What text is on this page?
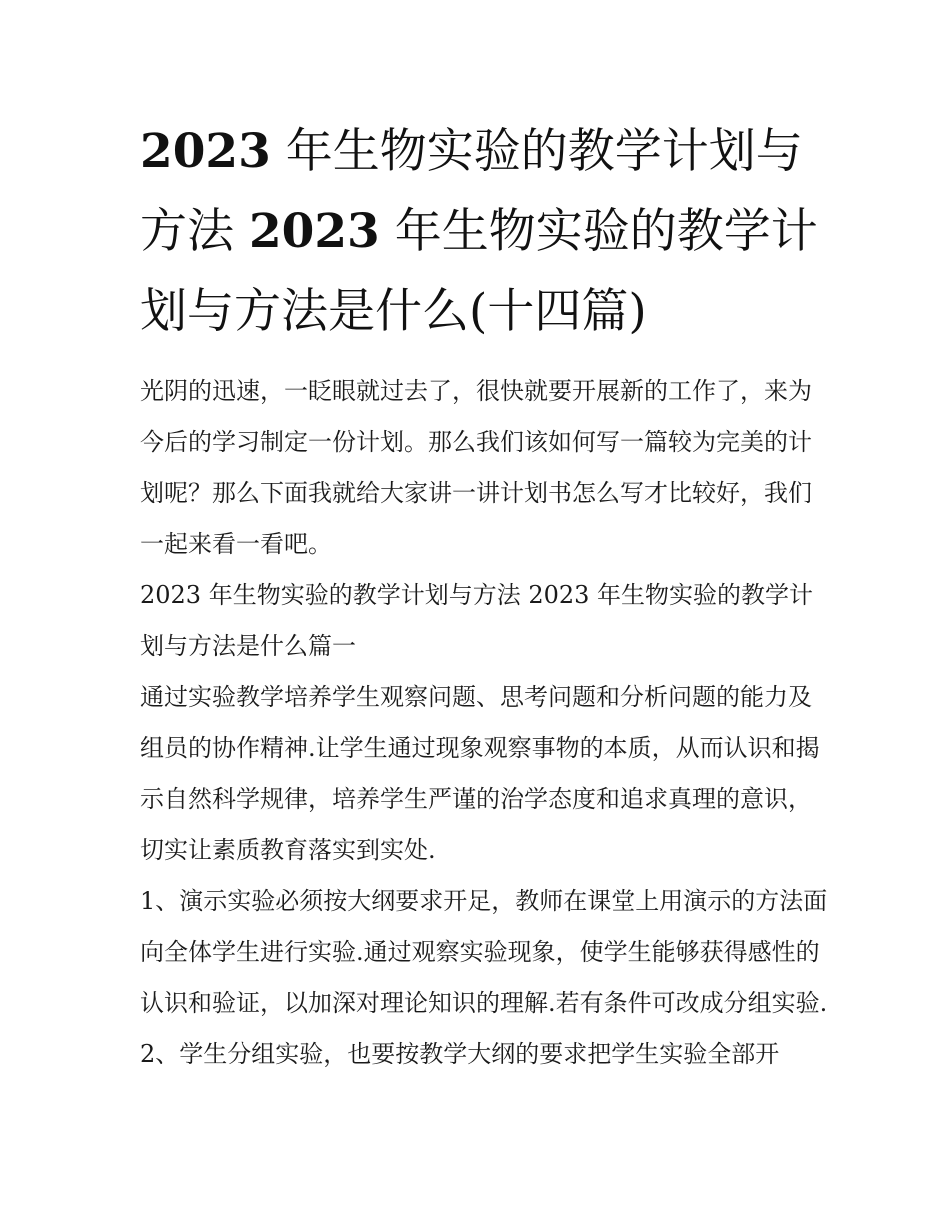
2023 年生物实验的教学计划与方法 2023 年生物实验的教学计划与方法是什么(十四篇)

光阴的迅速，一眨眼就过去了，很快就要开展新的工作了，来为今后的学习制定一份计划。那么我们该如何写一篇较为完美的计划呢？那么下面我就给大家讲一讲计划书怎么写才比较好，我们一起来看一看吧。

2023 年生物实验的教学计划与方法 2023 年生物实验的教学计划与方法是什么篇一

通过实验教学培养学生观察问题、思考问题和分析问题的能力及组员的协作精神.让学生通过现象观察事物的本质，从而认识和揭示自然科学规律，培养学生严谨的治学态度和追求真理的意识，切实让素质教育落实到实处.

1、演示实验必须按大纲要求开足，教师在课堂上用演示的方法面向全体学生进行实验.通过观察实验现象，使学生能够获得感性的认识和验证，以加深对理论知识的理解.若有条件可改成分组实验.

2、学生分组实验，也要按教学大纲的要求把学生实验全部开
